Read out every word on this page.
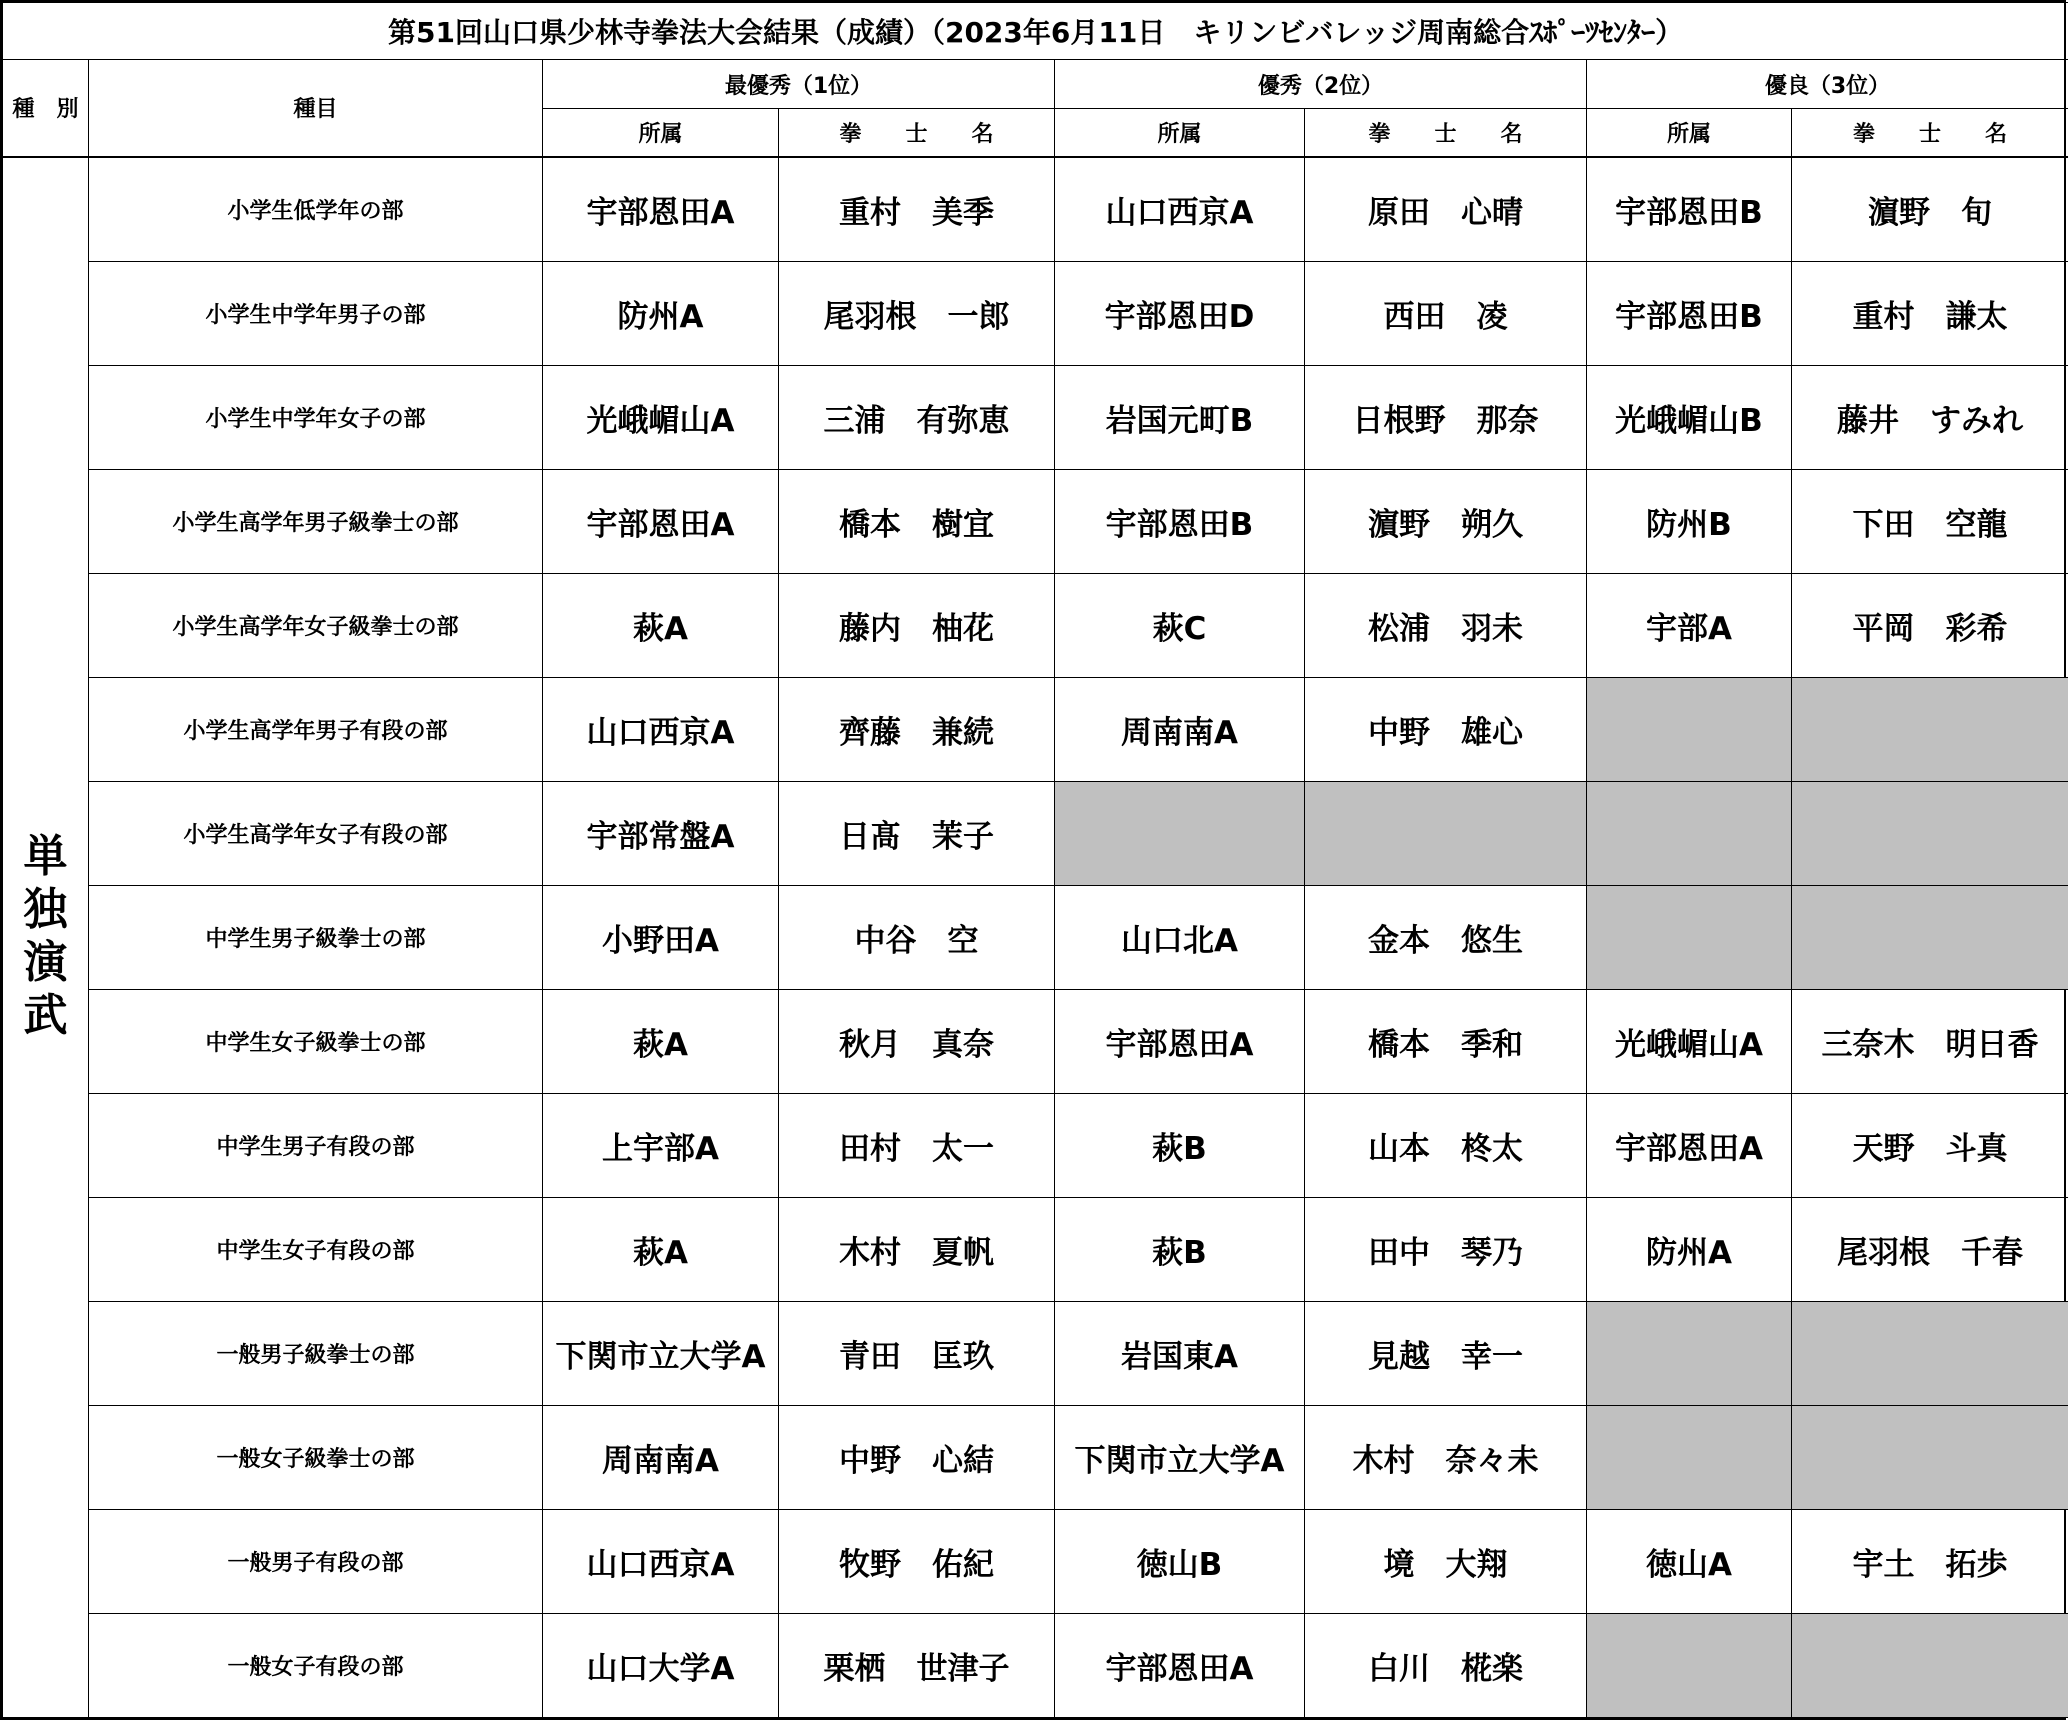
第51回山口県少林寺拳法大会結果（成績）（2023年6月11日　キリンビバレッジ周南総合ｽﾎﾟｰﾂｾﾝﾀｰ）							
種　別	種目	最優秀（1位）		優秀（2位）		優良（3位）	
		所属	拳　　士　　名	所属	拳　　士　　名	所属	拳　　士　　名

単
独
演
武	小学生低学年の部	宇部恩田A	重村　美季	山口西京A	原田　心晴	宇部恩田B	濵野　旬
	小学生中学年男子の部	防州A	尾羽根　一郎	宇部恩田D	西田　凌	宇部恩田B	重村　謙太
	小学生中学年女子の部	光峨嵋山A	三浦　有弥恵	岩国元町B	日根野　那奈	光峨嵋山B	藤井　すみれ
	小学生高学年男子級拳士の部	宇部恩田A	橋本　樹宜	宇部恩田B	濵野　朔久	防州B	下田　空龍
	小学生高学年女子級拳士の部	萩A	藤内　柚花	萩C	松浦　羽未	宇部A	平岡　彩希
	小学生高学年男子有段の部	山口西京A	齊藤　兼続	周南南A	中野　雄心		
	小学生高学年女子有段の部	宇部常盤A	日髙　茉子				
	中学生男子級拳士の部	小野田A	中谷　空	山口北A	金本　悠生		
	中学生女子級拳士の部	萩A	秋月　真奈	宇部恩田A	橋本　季和	光峨嵋山A	三奈木　明日香
	中学生男子有段の部	上宇部A	田村　太一	萩B	山本　柊太	宇部恩田A	天野　斗真
	中学生女子有段の部	萩A	木村　夏帆	萩B	田中　琴乃	防州A	尾羽根　千春
	一般男子級拳士の部	下関市立大学A	青田　匡玖	岩国東A	見越　幸一		
	一般女子級拳士の部	周南南A	中野　心結	下関市立大学A	木村　奈々未		
	一般男子有段の部	山口西京A	牧野　佑紀	徳山B	境　大翔	徳山A	宇土　拓歩
	一般女子有段の部	山口大学A	栗栖　世津子	宇部恩田A	白川　椛楽		
